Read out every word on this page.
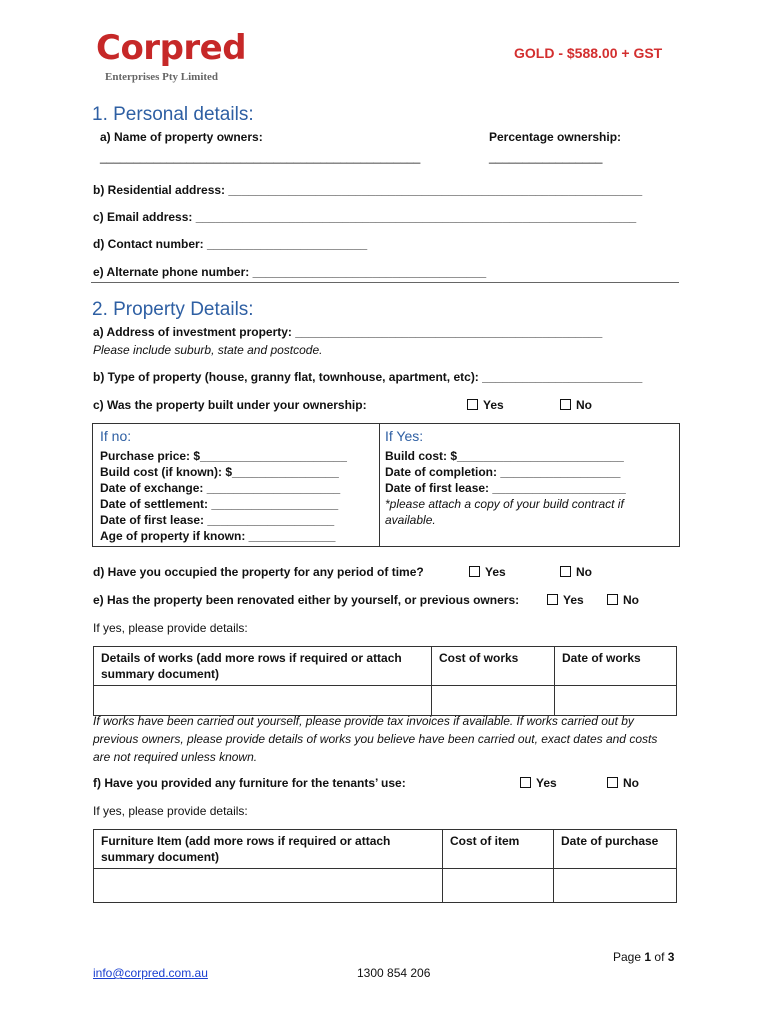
Corpred
Enterprises Pty Limited
GOLD - $588.00 + GST
1. Personal details:
a) Name of property owners:	Percentage ownership:
________________________________________________	_________________
b) Residential address: ______________________________________________________________
c) Email address: __________________________________________________________________
d) Contact number: ________________________
e) Alternate phone number: ___________________________________
2. Property Details:
a) Address of investment property: ______________________________________________
Please include suburb, state and postcode.
b) Type of property (house, granny flat, townhouse, apartment, etc): ________________________
c) Was the property built under your ownership:	Yes	No
If no:
Purchase price: $______________________
Build cost (if known): $________________
Date of exchange: ____________________
Date of settlement: ___________________
Date of first lease: ___________________
Age of property if known: _____________
If Yes:
Build cost: $_________________________
Date of completion: __________________
Date of first lease: ____________________
*please attach a copy of your build contract if available.
d) Have you occupied the property for any period of time?	Yes	No
e) Has the property been renovated either by yourself, or previous owners:	Yes	No
If yes, please provide details:
Details of works (add more rows if required or attach summary document)	Cost of works	Date of works

If works have been carried out yourself, please provide tax invoices if available. If works carried out by previous owners, please provide details of works you believe have been carried out, exact dates and costs are not required unless known.
f) Have you provided any furniture for the tenants’ use:	Yes	No
If yes, please provide details:
Furniture Item (add more rows if required or attach summary document)	Cost of item	Date of purchase

Page 1 of 3
info@corpred.com.au	1300 854 206
